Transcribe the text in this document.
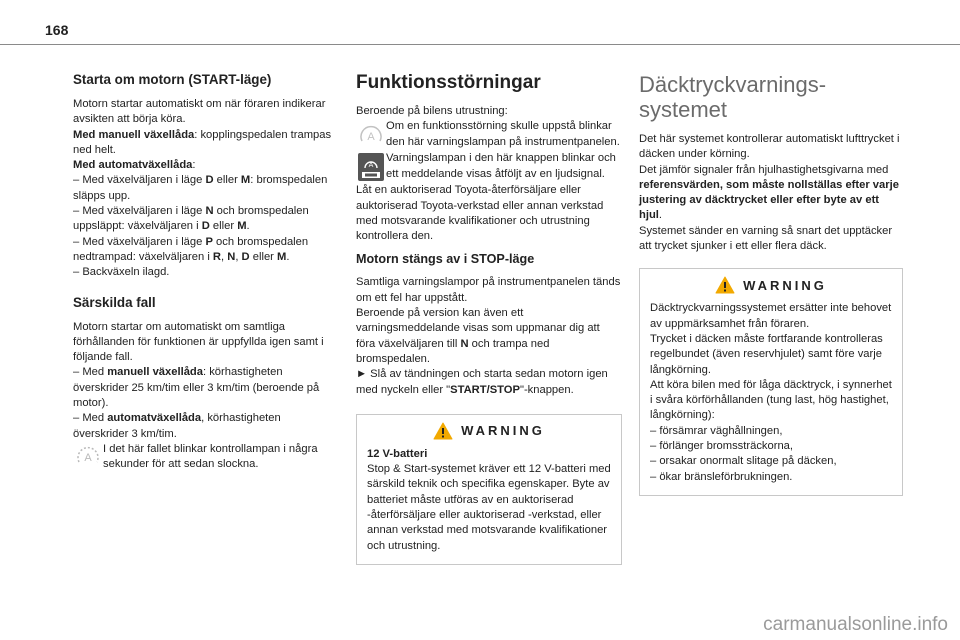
168
Starta om motorn (START-läge)

Motorn startar automatiskt om när föraren indikerar avsikten att börja köra.

Med manuell växellåda: kopplingspedalen trampas ned helt.

Med automatväxellåda:

– Med växelväljaren i läge D eller M: bromspedalen släpps upp.

– Med växelväljaren i läge N och bromspedalen uppsläppt: växelväljaren i D eller M.

– Med växelväljaren i läge P och bromspedalen nedtrampad: växelväljaren i R, N, D eller M.

– Backväxeln ilagd.

Särskilda fall

Motorn startar om automatiskt om samtliga förhållanden för funktionen är uppfyllda igen samt i följande fall.

– Med manuell växellåda: körhastigheten överskrider 25 km/tim eller 3 km/tim (beroende på motor).

– Med automatväxellåda, körhastigheten överskrider 3 km/tim.

A

I det här fallet blinkar kontrollampan i några sekunder för att sedan slockna.

Funktionsstörningar

Beroende på bilens utrustning:

A

Om en funktionsstörning skulle uppstå blinkar den här varningslampan på instrumentpanelen.

A

Varningslampan i den här knappen blinkar och ett meddelande visas åtföljt av en ljudsignal.

Låt en auktoriserad Toyota-återförsäljare eller auktoriserad Toyota-verkstad eller annan verkstad med motsvarande kvalifikationer och utrustning kontrollera den.

Motorn stängs av i STOP-läge

Samtliga varningslampor på instrumentpanelen tänds om ett fel har uppstått.

Beroende på version kan även ett varningsmeddelande visas som uppmanar dig att föra växelväljaren till N och trampa ned bromspedalen.

► Slå av tändningen och starta sedan motorn igen med nyckeln eller "START/STOP"-knappen.

WARNING

12 V-batteri

Stop & Start-systemet kräver ett 12 V-batteri med särskild teknik och specifika egenskaper. Byte av batteriet måste utföras av en auktoriserad -återförsäljare eller auktoriserad -verkstad, eller annan verkstad med motsvarande kvalifikationer och utrustning.

Däcktryckvarnings-
systemet

Det här systemet kontrollerar automatiskt lufttrycket i däcken under körning.

Det jämför signaler från hjulhastighetsgivarna med referensvärden, som måste nollställas efter varje justering av däcktrycket eller efter byte av ett hjul.

Systemet sänder en varning så snart det upptäcker att trycket sjunker i ett eller flera däck.

WARNING

Däcktryckvarningssystemet ersätter inte behovet av uppmärksamhet från föraren.

Trycket i däcken måste fortfarande kontrolleras regelbundet (även reservhjulet) samt före varje långkörning.

Att köra bilen med för låga däcktryck, i synnerhet i svåra körförhållanden (tung last, hög hastighet, långkörning):

– försämrar väghållningen,

– förlänger bromssträckorna,

– orsakar onormalt slitage på däcken,

– ökar bränsleförbrukningen.

carmanualsonline.info
